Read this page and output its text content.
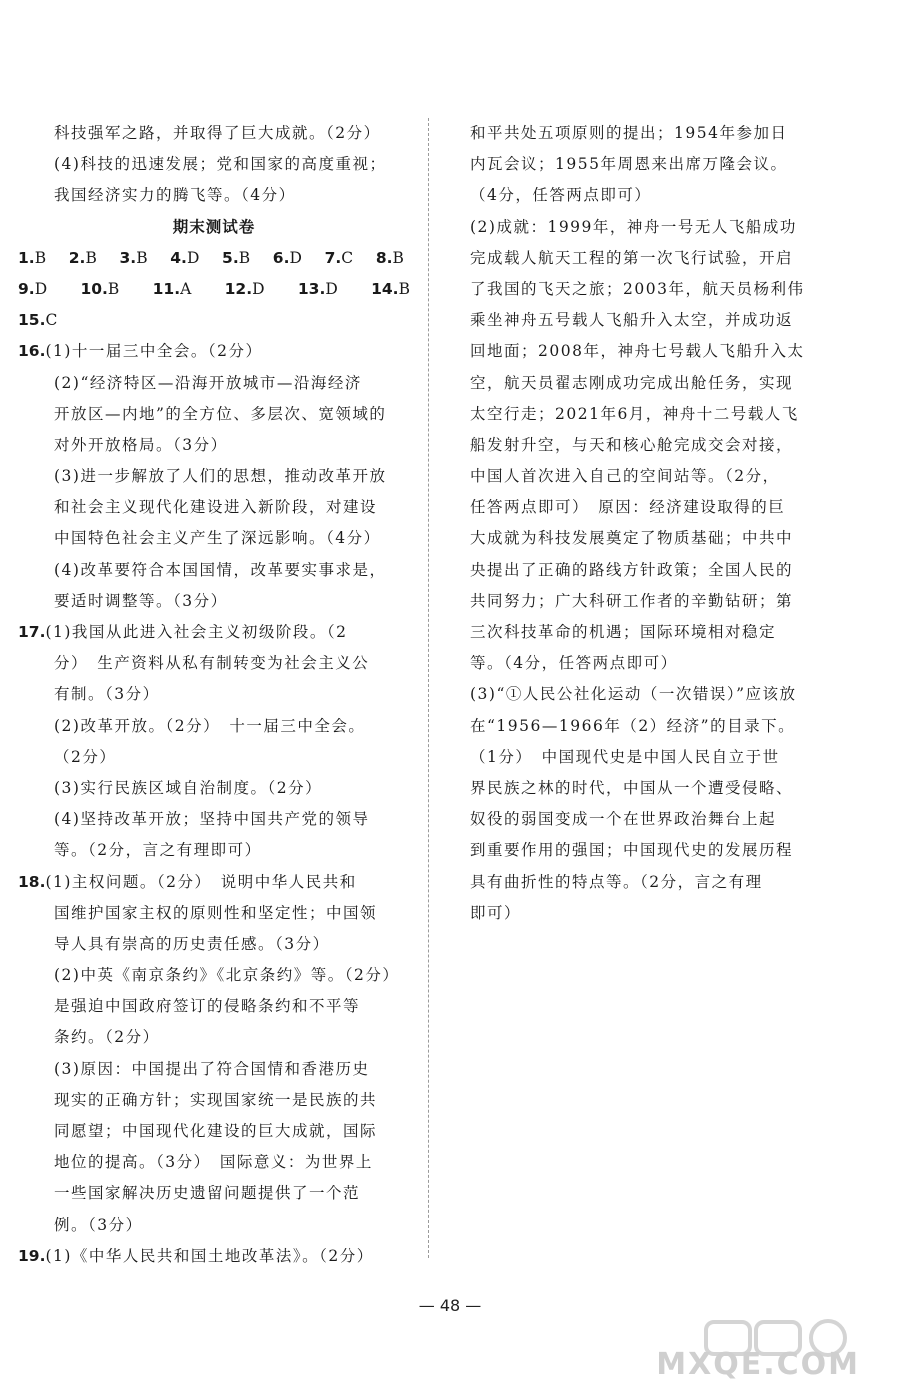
科技强军之路，并取得了巨大成就。（2分）
(4)科技的迅速发展；党和国家的高度重视；
我国经济实力的腾飞等。（4分）
期末测试卷
1.B 2.B 3.B 4.D 5.B 6.D 7.C 8.B
9.D 10.B 11.A 12.D 13.D 14.B
15.C
16.(1)十一届三中全会。（2分）
(2)“经济特区—沿海开放城市—沿海经济
开放区—内地”的全方位、多层次、宽领域的
对外开放格局。（3分）
(3)进一步解放了人们的思想，推动改革开放
和社会主义现代化建设进入新阶段，对建设
中国特色社会主义产生了深远影响。（4分）
(4)改革要符合本国国情，改革要实事求是，
要适时调整等。（3分）
17.(1)我国从此进入社会主义初级阶段。（2
分）　生产资料从私有制转变为社会主义公
有制。（3分）
(2)改革开放。（2分）　十一届三中全会。
（2分）
(3)实行民族区域自治制度。（2分）
(4)坚持改革开放；坚持中国共产党的领导
等。（2分，言之有理即可）
18.(1)主权问题。（2分）　说明中华人民共和
国维护国家主权的原则性和坚定性；中国领
导人具有崇高的历史责任感。（3分）
(2)中英《南京条约》《北京条约》等。（2分）
是强迫中国政府签订的侵略条约和不平等
条约。（2分）
(3)原因：中国提出了符合国情和香港历史
现实的正确方针；实现国家统一是民族的共
同愿望；中国现代化建设的巨大成就，国际
地位的提高。（3分）　国际意义：为世界上
一些国家解决历史遗留问题提供了一个范
例。（3分）
19.(1)《中华人民共和国土地改革法》。（2分）
和平共处五项原则的提出；1954年参加日
内瓦会议；1955年周恩来出席万隆会议。
（4分，任答两点即可）
(2)成就：1999年，神舟一号无人飞船成功
完成载人航天工程的第一次飞行试验，开启
了我国的飞天之旅；2003年，航天员杨利伟
乘坐神舟五号载人飞船升入太空，并成功返
回地面；2008年，神舟七号载人飞船升入太
空，航天员翟志刚成功完成出舱任务，实现
太空行走；2021年6月，神舟十二号载人飞
船发射升空，与天和核心舱完成交会对接，
中国人首次进入自己的空间站等。（2分，
任答两点即可）　原因：经济建设取得的巨
大成就为科技发展奠定了物质基础；中共中
央提出了正确的路线方针政策；全国人民的
共同努力；广大科研工作者的辛勤钻研；第
三次科技革命的机遇；国际环境相对稳定
等。（4分，任答两点即可）
(3)“①人民公社化运动（一次错误）”应该放
在“1956—1966年（2）经济”的目录下。
（1分）　中国现代史是中国人民自立于世
界民族之林的时代，中国从一个遭受侵略、
奴役的弱国变成一个在世界政治舞台上起
到重要作用的强国；中国现代史的发展历程
具有曲折性的特点等。（2分，言之有理
即可）
— 48 —
MXQE.COM
